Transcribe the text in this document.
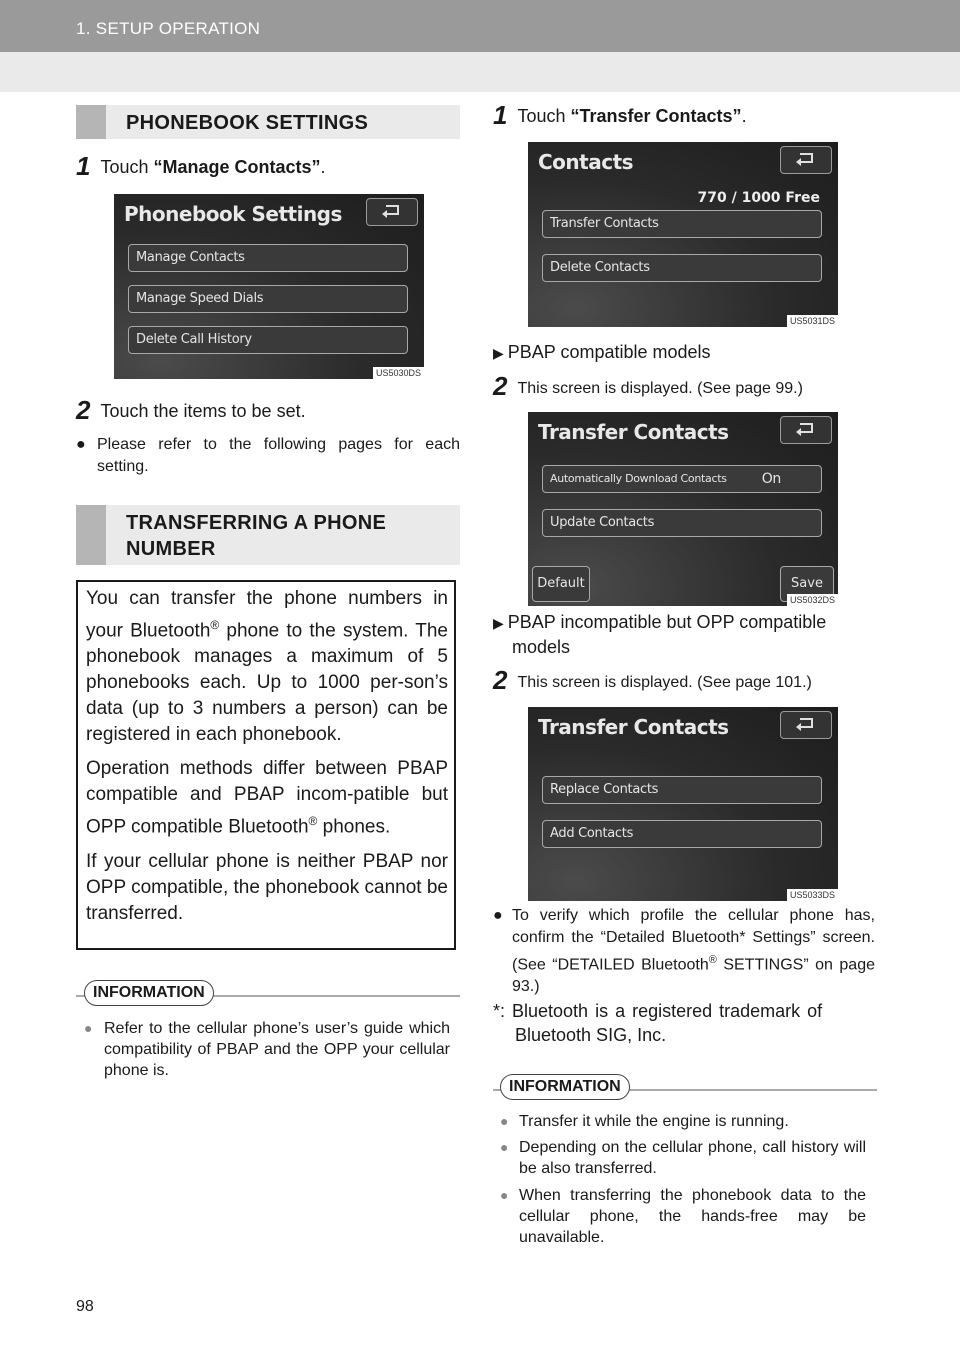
1. SETUP OPERATION
PHONEBOOK SETTINGS
1 Touch “Manage Contacts”.
Phonebook Settings
Manage Contacts
Manage Speed Dials
Delete Call History
US5030DS
2 Touch the items to be set.
● Please refer to the following pages for each setting.
TRANSFERRING A PHONE
NUMBER

You can transfer the phone numbers in your Bluetooth® phone to the system. The phonebook manages a maximum of 5 phonebooks each. Up to 1000 per-son’s data (up to 3 numbers a person) can be registered in each phonebook.

Operation methods differ between PBAP compatible and PBAP incom-patible but OPP compatible Bluetooth® phones.

If your cellular phone is neither PBAP nor OPP compatible, the phonebook cannot be transferred.

INFORMATION
● Refer to the cellular phone’s user’s guide which compatibility of PBAP and the OPP your cellular phone is.
1 Touch “Transfer Contacts”.
Contacts
770 / 1000 Free
Transfer Contacts
Delete Contacts
US5031DS
▶ PBAP compatible models
2 This screen is displayed. (See page 99.)
Transfer Contacts
Automatically Download Contacts	On
Update Contacts
Default	Save
US5032DS
▶ PBAP incompatible but OPP compatible
models
2 This screen is displayed. (See page 101.)
Transfer Contacts
Replace Contacts
Add Contacts
US5033DS
● To verify which profile the cellular phone has, confirm the “Detailed Bluetooth* Settings” screen. (See “DETAILED Bluetooth® SETTINGS” on page 93.)
*: Bluetooth is a registered trademark of
Bluetooth SIG, Inc.
INFORMATION
● Transfer it while the engine is running.
● Depending on the cellular phone, call history will be also transferred.
● When transferring the phonebook data to the cellular phone, the hands-free may be unavailable.
98
